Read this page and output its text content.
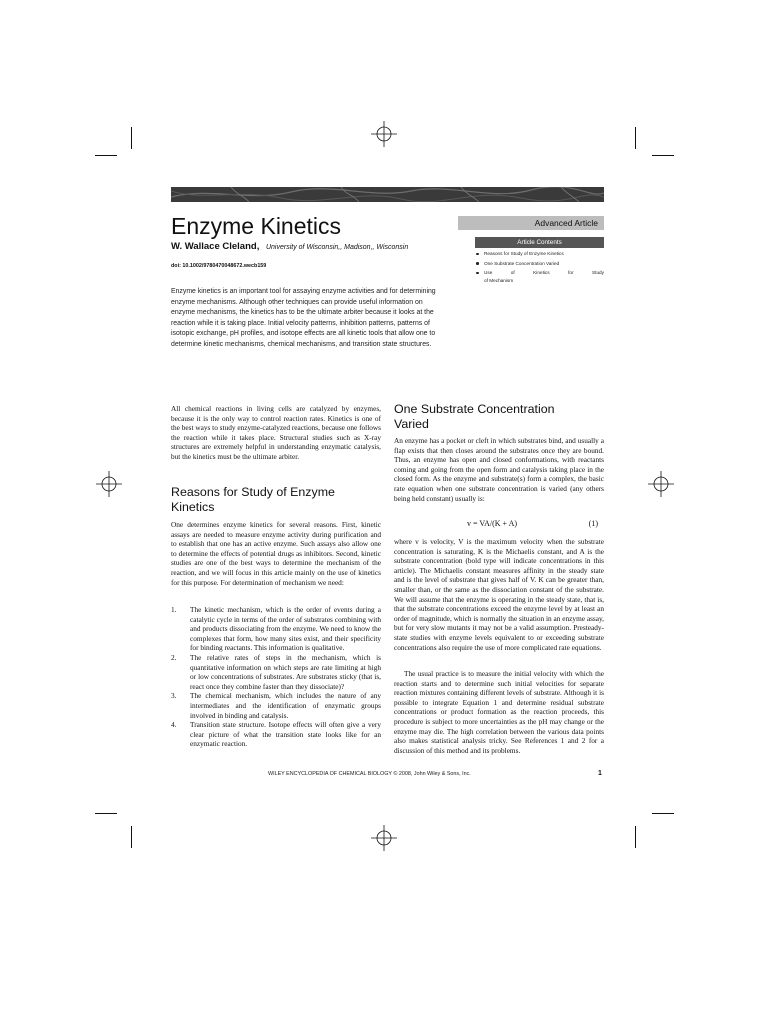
Enzyme Kinetics
W. Wallace Cleland, University of Wisconsin,, Madison,, Wisconsin
doi: 10.1002/9780470048672.wecb159
Enzyme kinetics is an important tool for assaying enzyme activities and for determining enzyme mechanisms. Although other techniques can provide useful information on enzyme mechanisms, the kinetics has to be the ultimate arbiter because it looks at the reaction while it is taking place. Initial velocity patterns, inhibition patterns, patterns of isotopic exchange, pH profiles, and isotope effects are all kinetic tools that allow one to determine kinetic mechanisms, chemical mechanisms, and transition state structures.
Advanced Article
Article Contents
Reasons for Study of Enzyme Kinetics
One Substrate Concentration Varied
Use of Kinetics for Study
of Mechanism
All chemical reactions in living cells are catalyzed by enzymes, because it is the only way to control reaction rates. Kinetics is one of the best ways to study enzyme-catalyzed reactions, because one follows the reaction while it takes place. Structural studies such as X-ray structures are extremely helpful in understanding enzymatic catalysis, but the kinetics must be the ultimate arbiter.
Reasons for Study of Enzyme Kinetics
One determines enzyme kinetics for several reasons. First, kinetic assays are needed to measure enzyme activity during purification and to establish that one has an active enzyme. Such assays also allow one to determine the effects of potential drugs as inhibitors. Second, kinetic studies are one of the best ways to determine the mechanism of the reaction, and we will focus in this article mainly on the use of kinetics for this purpose. For determination of mechanism we need:
1. The kinetic mechanism, which is the order of events during a catalytic cycle in terms of the order of substrates combining with and products dissociating from the enzyme. We need to know the complexes that form, how many sites exist, and their specificity for binding reactants. This information is qualitative.
2. The relative rates of steps in the mechanism, which is quantitative information on which steps are rate limiting at high or low concentrations of substrates. Are substrates sticky (that is, react once they combine faster than they dissociate)?
3. The chemical mechanism, which includes the nature of any intermediates and the identification of enzymatic groups involved in binding and catalysis.
4. Transition state structure. Isotope effects will often give a very clear picture of what the transition state looks like for an enzymatic reaction.
One Substrate Concentration Varied
An enzyme has a pocket or cleft in which substrates bind, and usually a flap exists that then closes around the substrates once they are bound. Thus, an enzyme has open and closed conformations, with reactants coming and going from the open form and catalysis taking place in the closed form. As the enzyme and substrate(s) form a complex, the basic rate equation when one substrate concentration is varied (any others being held constant) usually is:
v = VA/(K + A)	(1)
where v is velocity, V is the maximum velocity when the substrate concentration is saturating, K is the Michaelis constant, and A is the substrate concentration (bold type will indicate concentrations in this article). The Michaelis constant measures affinity in the steady state and is the level of substrate that gives half of V. K can be greater than, smaller than, or the same as the dissociation constant of the substrate. We will assume that the enzyme is operating in the steady state, that is, that the substrate concentrations exceed the enzyme level by at least an order of magnitude, which is normally the situation in an enzyme assay, but for very slow mutants it may not be a valid assumption. Presteady-state studies with enzyme levels equivalent to or exceeding substrate concentrations also require the use of more complicated rate equations.
The usual practice is to measure the initial velocity with which the reaction starts and to determine such initial velocities for separate reaction mixtures containing different levels of substrate. Although it is possible to integrate Equation 1 and determine residual substrate concentrations or product formation as the reaction proceeds, this procedure is subject to more uncertainties as the pH may change or the enzyme may die. The high correlation between the various data points also makes statistical analysis tricky. See References 1 and 2 for a discussion of this method and its problems.
WILEY ENCYCLOPEDIA OF CHEMICAL BIOLOGY © 2008, John Wiley & Sons, Inc.	1
